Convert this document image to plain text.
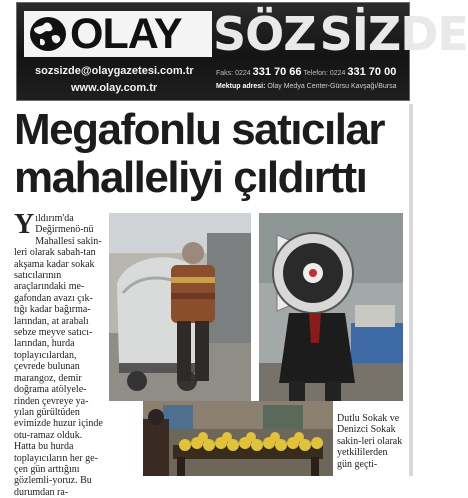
OLAY SÖZSİZDE
sozsizde@olaygazetesi.com.tr
www.olay.com.tr
Faks: 0224 331 70 66 Telefon: 0224 331 70 00
Mektup adresi: Olay Medya Center-Gürsu Kavşağı/Bursa
Megafonlu satıcılar
mahalleliyi çıldırttı
Yıldırım'da Değirmenö-nü Mahallesi sakin-leri olarak sabah-tan akşama kadar sokak satıcılarının araçlarındaki me-gafondan avazı çık-tığı kadar bağırma-larından, at arabalı sebze meyve satıcı-larından, hurda toplayıcılardan, çevrede bulunan marangoz, demir doğrama atölyele-rinden çevreye ya-yılan gürültüden evimizde huzur içinde otu-ramaz olduk. Hatta bu hurda toplayıcıların her ge-çen gün arttığını gözlemli-yoruz. Bu durumdan ra-
Dutlu Sokak ve Denizci Sokak sakin-leri olarak yetkililerden gün geçti-
